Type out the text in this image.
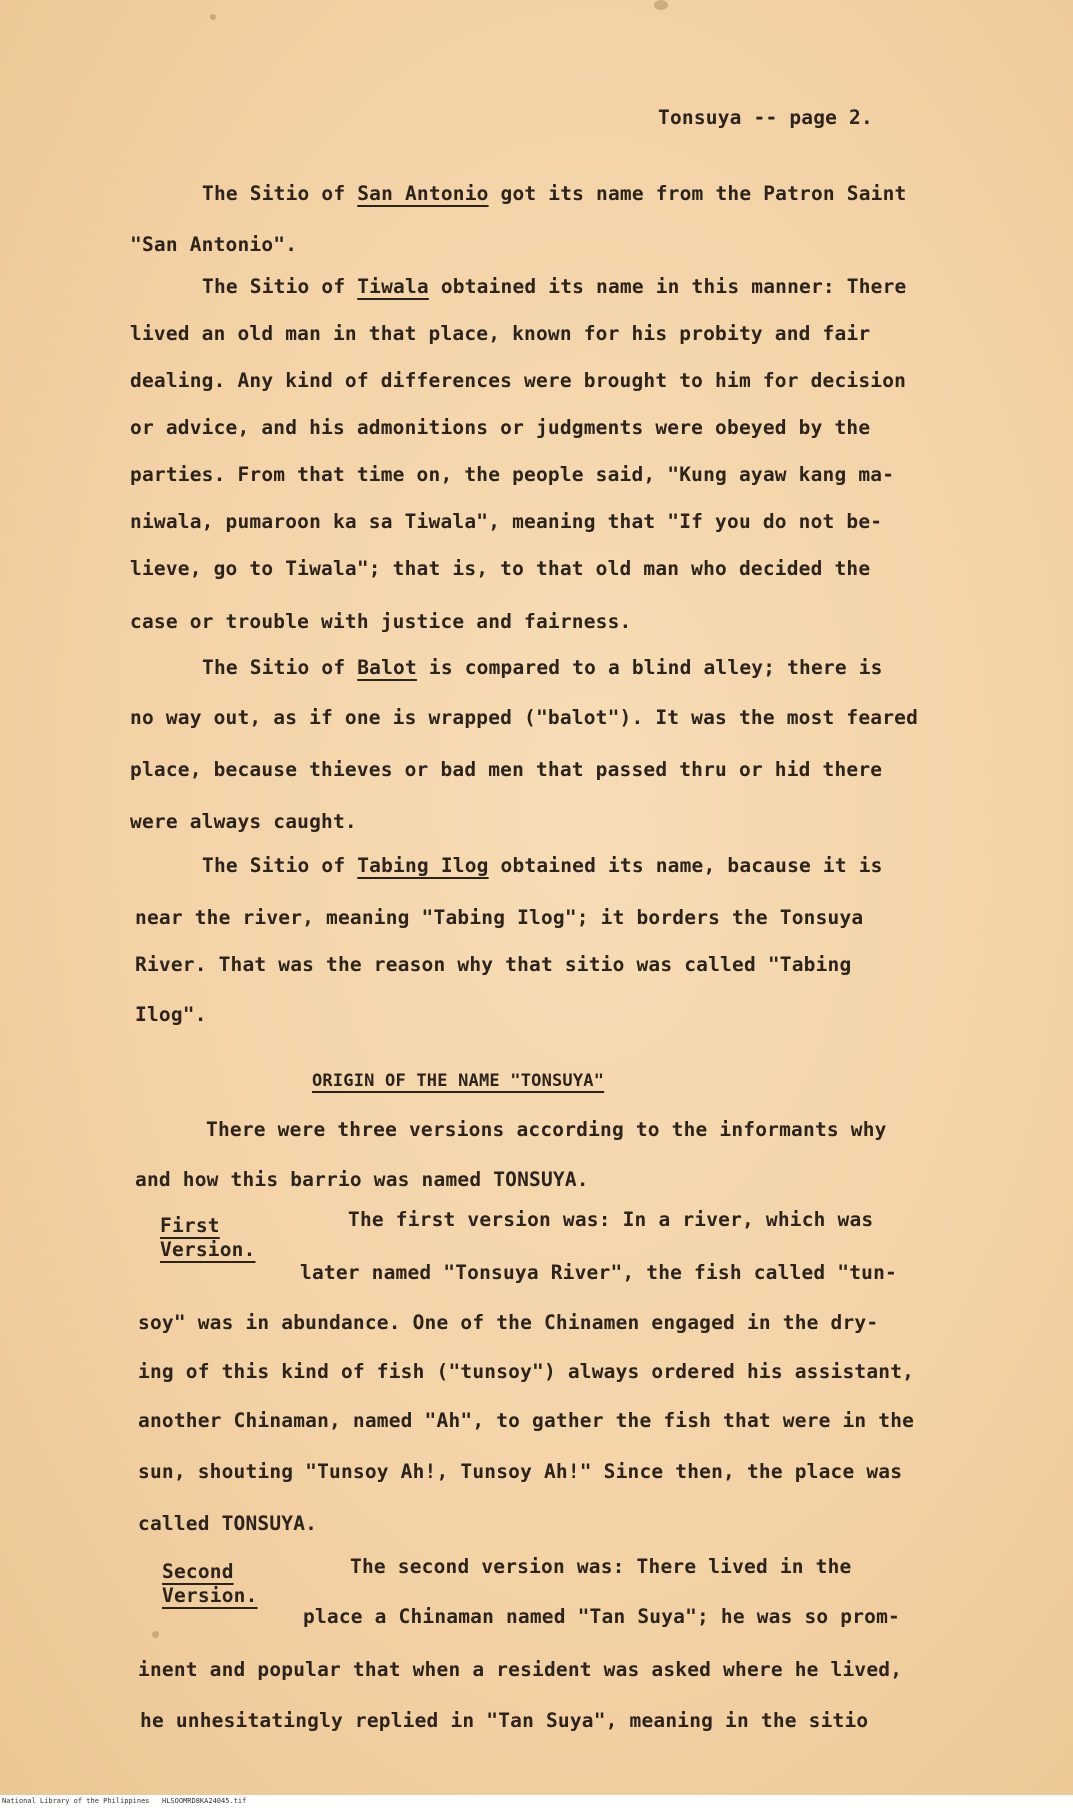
Tonsuya -- page 2.
The Sitio of San Antonio got its name from the Patron Saint
"San Antonio".
The Sitio of Tiwala obtained its name in this manner: There
lived an old man in that place, known for his probity and fair
dealing. Any kind of differences were brought to him for decision
or advice, and his admonitions or judgments were obeyed by the
parties. From that time on, the people said, "Kung ayaw kang ma-
niwala, pumaroon ka sa Tiwala", meaning that "If you do not be-
lieve, go to Tiwala"; that is, to that old man who decided the
case or trouble with justice and fairness.
The Sitio of Balot is compared to a blind alley; there is
no way out, as if one is wrapped ("balot"). It was the most feared
place, because thieves or bad men that passed thru or hid there
were always caught.
The Sitio of Tabing Ilog obtained its name, bacause it is
near the river, meaning "Tabing Ilog"; it borders the Tonsuya
River. That was the reason why that sitio was called "Tabing
Ilog".
ORIGIN OF THE NAME "TONSUYA"
There were three versions according to the informants why
and how this barrio was named TONSUYA.
First
Version.
The first version was: In a river, which was
later named "Tonsuya River", the fish called "tun-
soy" was in abundance. One of the Chinamen engaged in the dry-
ing of this kind of fish ("tunsoy") always ordered his assistant,
another Chinaman, named "Ah", to gather the fish that were in the
sun, shouting "Tunsoy Ah!, Tunsoy Ah!" Since then, the place was
called TONSUYA.
Second
Version.
The second version was: There lived in the
place a Chinaman named "Tan Suya"; he was so prom-
inent and popular that when a resident was asked where he lived,
he unhesitatingly replied in "Tan Suya", meaning in the sitio
National Library of the Philippines HLSOOMRD8KA24045.tif
